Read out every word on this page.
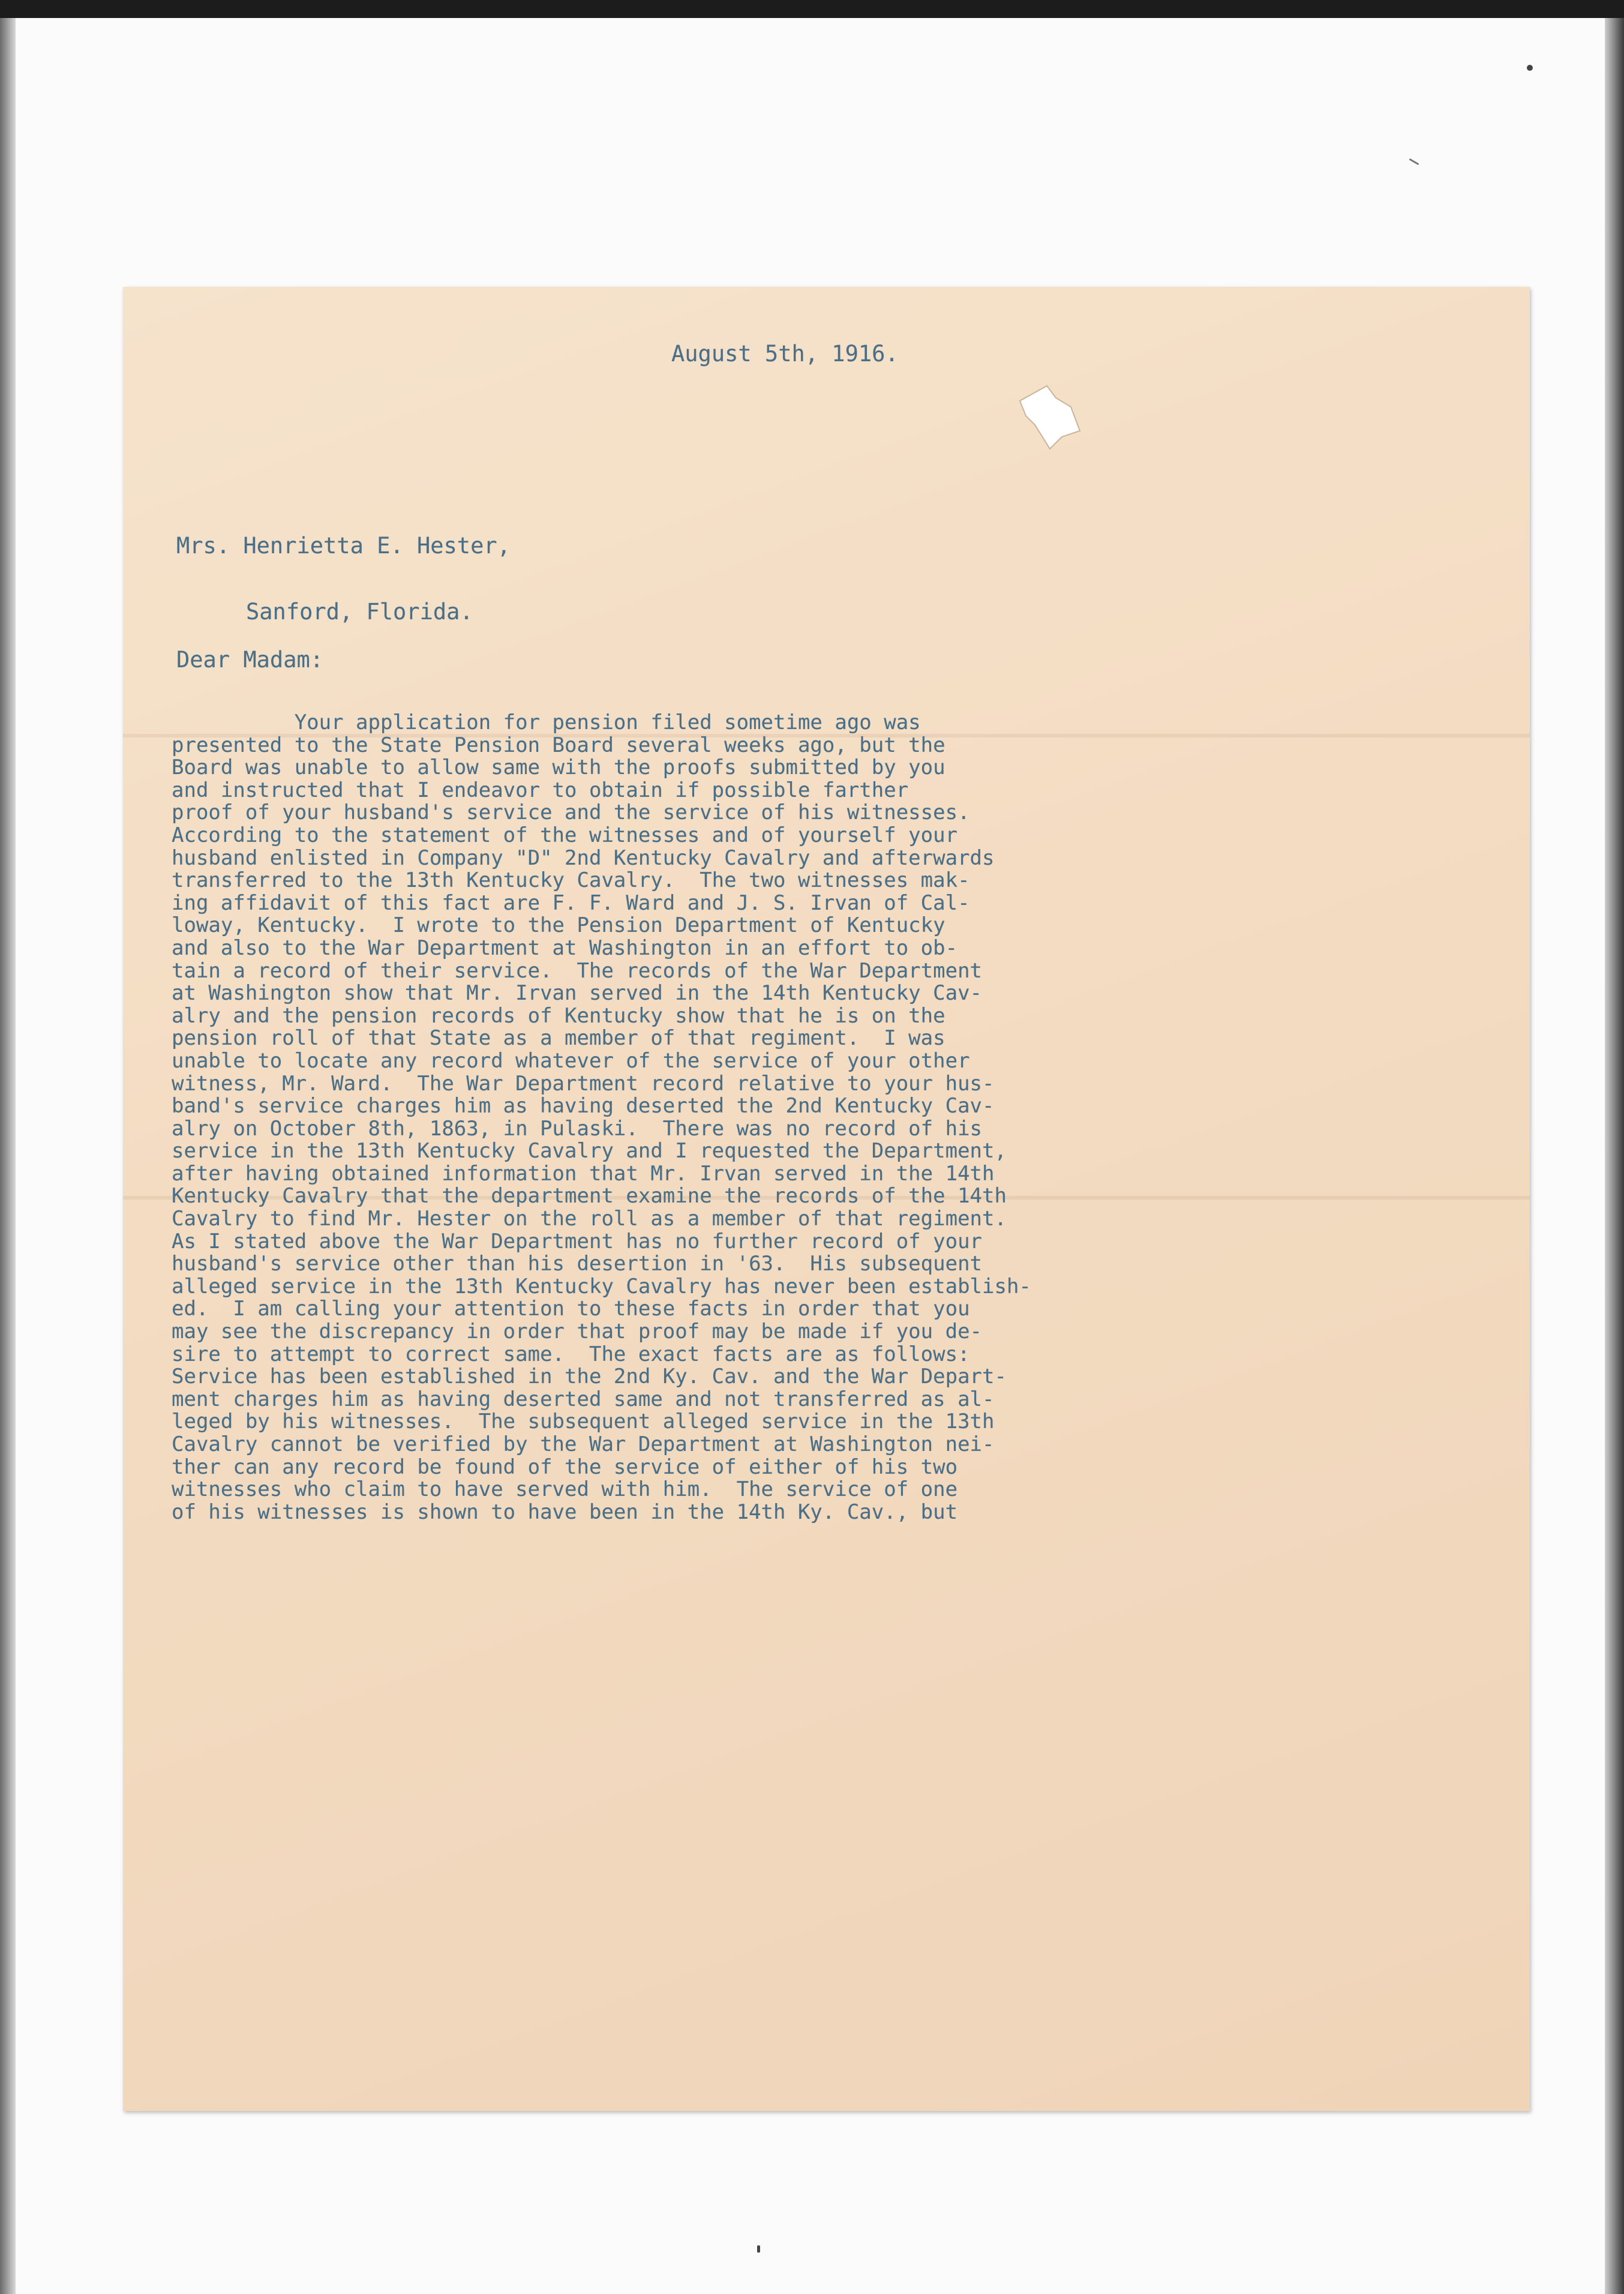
August 5th, 1916.
Mrs. Henrietta E. Hester,
Sanford, Florida.
Dear Madam:
Your application for pension filed sometime ago was
presented to the State Pension Board several weeks ago, but the
Board was unable to allow same with the proofs submitted by you
and instructed that I endeavor to obtain if possible farther
proof of your husband's service and the service of his witnesses.
According to the statement of the witnesses and of yourself your
husband enlisted in Company "D" 2nd Kentucky Cavalry and afterwards
transferred to the 13th Kentucky Cavalry.  The two witnesses mak-
ing affidavit of this fact are F. F. Ward and J. S. Irvan of Cal-
loway, Kentucky.  I wrote to the Pension Department of Kentucky
and also to the War Department at Washington in an effort to ob-
tain a record of their service.  The records of the War Department
at Washington show that Mr. Irvan served in the 14th Kentucky Cav-
alry and the pension records of Kentucky show that he is on the
pension roll of that State as a member of that regiment.  I was
unable to locate any record whatever of the service of your other
witness, Mr. Ward.  The War Department record relative to your hus-
band's service charges him as having deserted the 2nd Kentucky Cav-
alry on October 8th, 1863, in Pulaski.  There was no record of his
service in the 13th Kentucky Cavalry and I requested the Department,
after having obtained information that Mr. Irvan served in the 14th
Kentucky Cavalry that the department examine the records of the 14th
Cavalry to find Mr. Hester on the roll as a member of that regiment.
As I stated above the War Department has no further record of your
husband's service other than his desertion in '63.  His subsequent
alleged service in the 13th Kentucky Cavalry has never been establish-
ed.  I am calling your attention to these facts in order that you
may see the discrepancy in order that proof may be made if you de-
sire to attempt to correct same.  The exact facts are as follows:
Service has been established in the 2nd Ky. Cav. and the War Depart-
ment charges him as having deserted same and not transferred as al-
leged by his witnesses.  The subsequent alleged service in the 13th
Cavalry cannot be verified by the War Department at Washington nei-
ther can any record be found of the service of either of his two
witnesses who claim to have served with him.  The service of one
of his witnesses is shown to have been in the 14th Ky. Cav., but
